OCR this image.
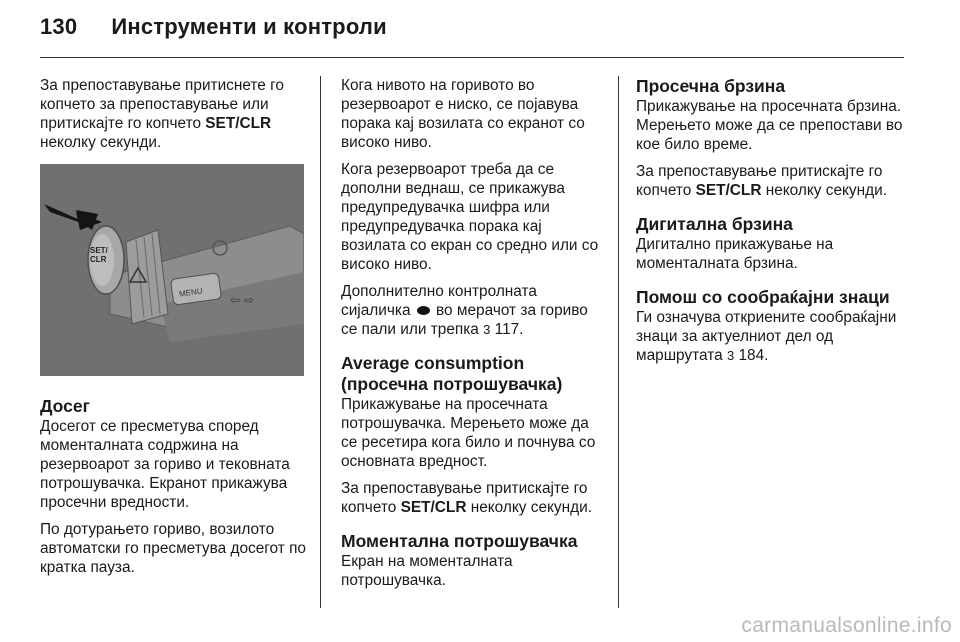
130 Инструменти и контроли

За препоставување притиснете го копчето за препоставување или притискајте го копчето SET/CLR неколку секунди.

⇦ ⇨
SET/CLR
MENU
Досег

Досегот се пресметува според моменталната содржина на резервоарот за гориво и тековната потрошувачка. Екранот прикажува просечни вредности.

По дотурањето гориво, возилото автоматски го пресметува досегот по кратка пауза.

Кога нивото на горивото во резервоарот е ниско, се појавува порака кај возилата со екранот со високо ниво.

Кога резервоарот треба да се дополни веднаш, се прикажува предупредувачка шифра или предупредувачка порака кај возилата со екран со средно или со високо ниво.

Дополнително контролната сијаличка  во мерачот за гориво се пали или трепка 3 117.

Average consumption (просечна потрошувачка)

Прикажување на просечната потрошувачка. Мерењето може да се ресетира кога било и почнува со основната вредност.

За препоставување притискајте го копчето SET/CLR неколку секунди.

Моментална потрошувачка

Екран на моменталната потрошувачка.

Просечна брзина

Прикажување на просечната брзина. Мерењето може да се препостави во кое било време.

За препоставување притискајте го копчето SET/CLR неколку секунди.

Дигитална брзина

Дигитално прикажување на моменталната брзина.

Помош со сообраќајни знаци

Ги означува откриените сообраќајни знаци за актуелниот дел од маршрутата 3 184.

carmanualsonline.info
